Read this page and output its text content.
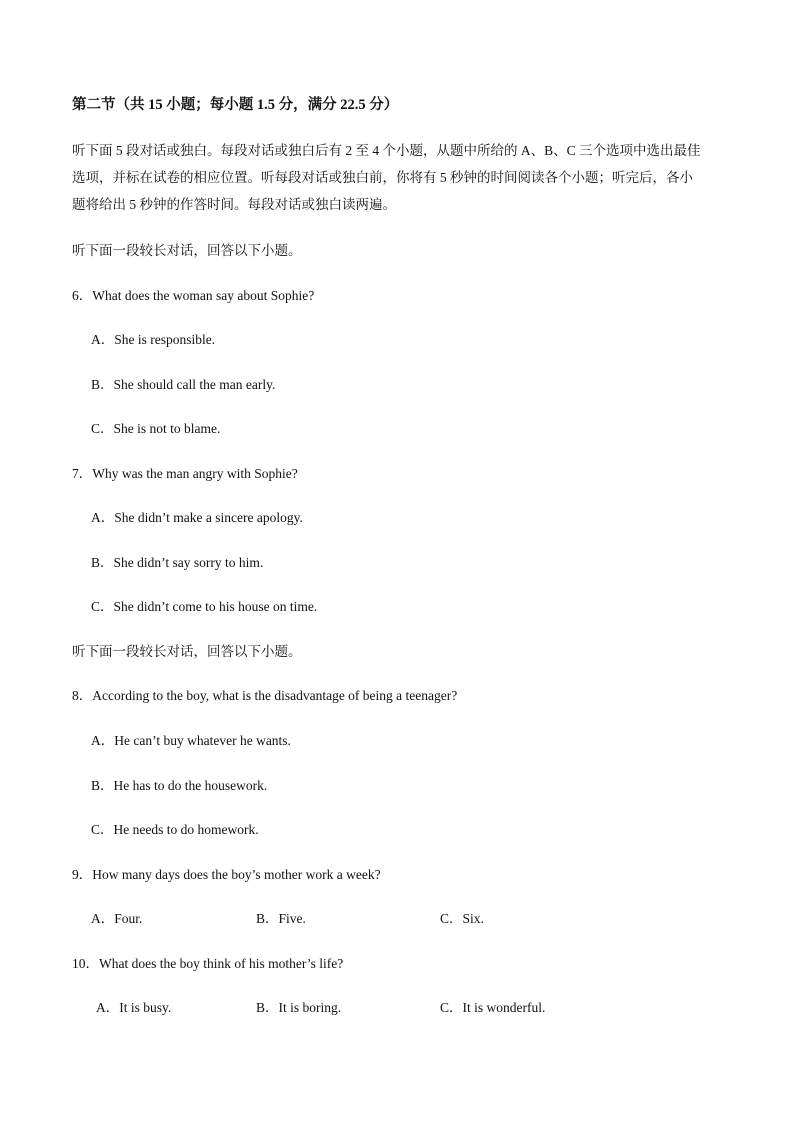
第二节（共 15 小题；每小题 1.5 分，满分 22.5 分）
听下面 5 段对话或独白。每段对话或独白后有 2 至 4 个小题，从题中所给的 A、B、C 三个选项中选出最佳
选项，并标在试卷的相应位置。听每段对话或独白前，你将有 5 秒钟的时间阅读各个小题；听完后，各小
题将给出 5 秒钟的作答时间。每段对话或独白读两遍。
听下面一段较长对话，回答以下小题。
6．What does the woman say about Sophie?
A．She is responsible.
B．She should call the man early.
C．She is not to blame.
7．Why was the man angry with Sophie?
A．She didn’t make a sincere apology.
B．She didn’t say sorry to him.
C．She didn’t come to his house on time.
听下面一段较长对话，回答以下小题。
8．According to the boy, what is the disadvantage of being a teenager?
A．He can’t buy whatever he wants.
B．He has to do the housework.
C．He needs to do homework.
9．How many days does the boy’s mother work a week?
A．Four.	B．Five.	C．Six.
10．What does the boy think of his mother’s life?
A．It is busy.	B．It is boring.	C．It is wonderful.
